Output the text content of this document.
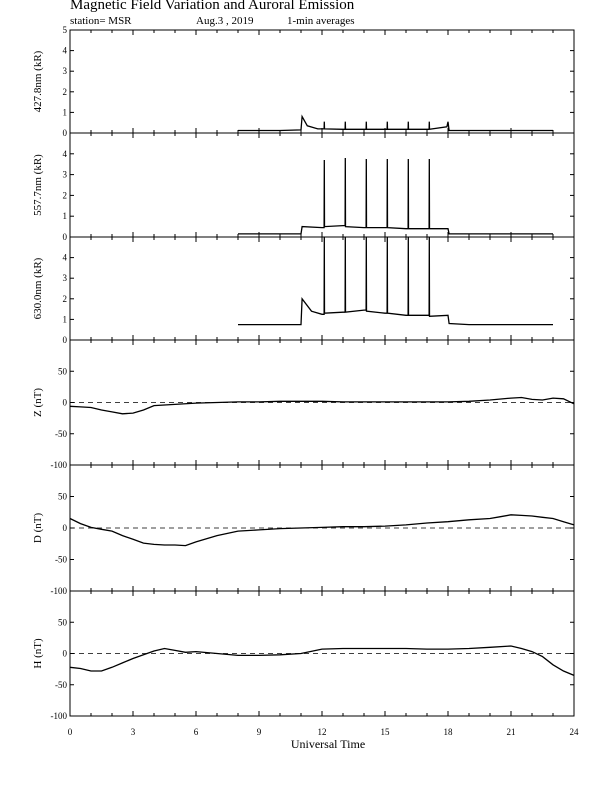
Magnetic Field Variation and Auroral Emission
station= MSR	Aug.3 , 2019	1-min averages
0
1
2
3
4
5
427.8nm (kR)
0
1
2
3
4
557.7nm (kR)
0
1
2
3
4
630.0nm (kR)
-100
-50
0
50
Z (nT)
-100
-50
0
50
D (nT)
-100
-50
0
50
H (nT)
0	3	6	9	12	15	18	21	24
Universal Time
